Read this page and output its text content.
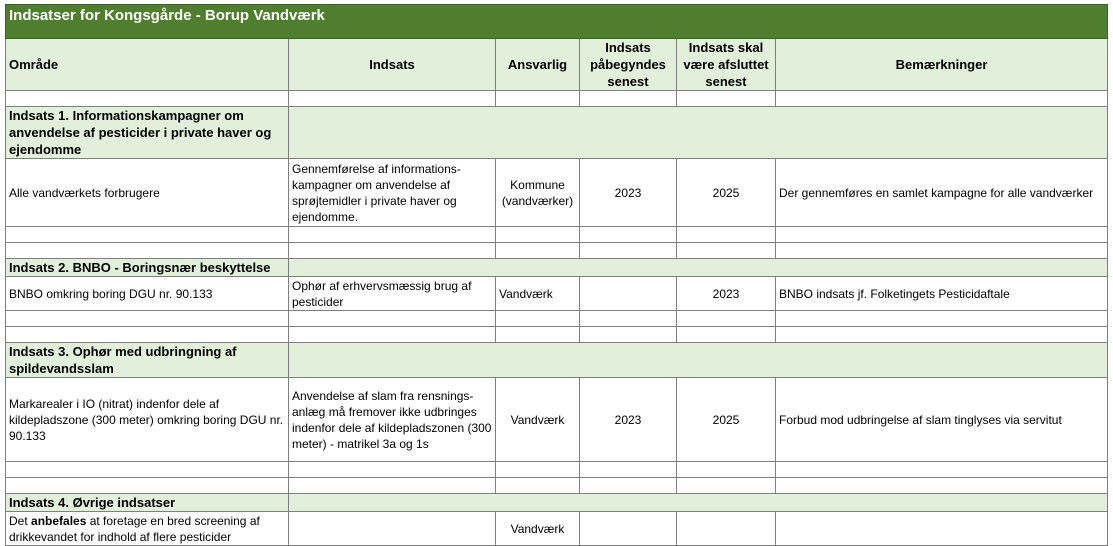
Indsatser for Kongsgårde - Borup Vandværk					
Område	Indsats	Ansvarlig	Indsats påbegyndes senest	Indsats skal være afsluttet senest	Bemærkninger

Indsats 1. Informationskampagner om anvendelse af pesticider i private haver og ejendomme					
Alle vandværkets forbrugere	Gennemførelse af informations-kampagner om anvendelse af sprøjtemidler i private haver og ejendomme.	Kommune (vandværker)	2023	2025	Der gennemføres en samlet kampagne for alle vandværker

Indsats 2. BNBO - Boringsnær beskyttelse					
BNBO omkring boring DGU nr. 90.133	Ophør af erhvervsmæssig brug af pesticider	Vandværk		2023	BNBO indsats jf. Folketingets Pesticidaftale

Indsats 3. Ophør med udbringning af spildevandsslam					
Markarealer i IO (nitrat) indenfor dele af kildepladszone (300 meter) omkring boring DGU nr. 90.133	Anvendelse af slam fra rensnings-anlæg må fremover ikke udbringes indenfor dele af kildepladszonen (300 meter) - matrikel 3a og 1s	Vandværk	2023	2025	Forbud mod udbringelse af slam tinglyses via servitut

Indsats 4. Øvrige indsatser					
Det anbefales at foretage en bred screening af drikkevandet for indhold af flere pesticider		Vandværk			
